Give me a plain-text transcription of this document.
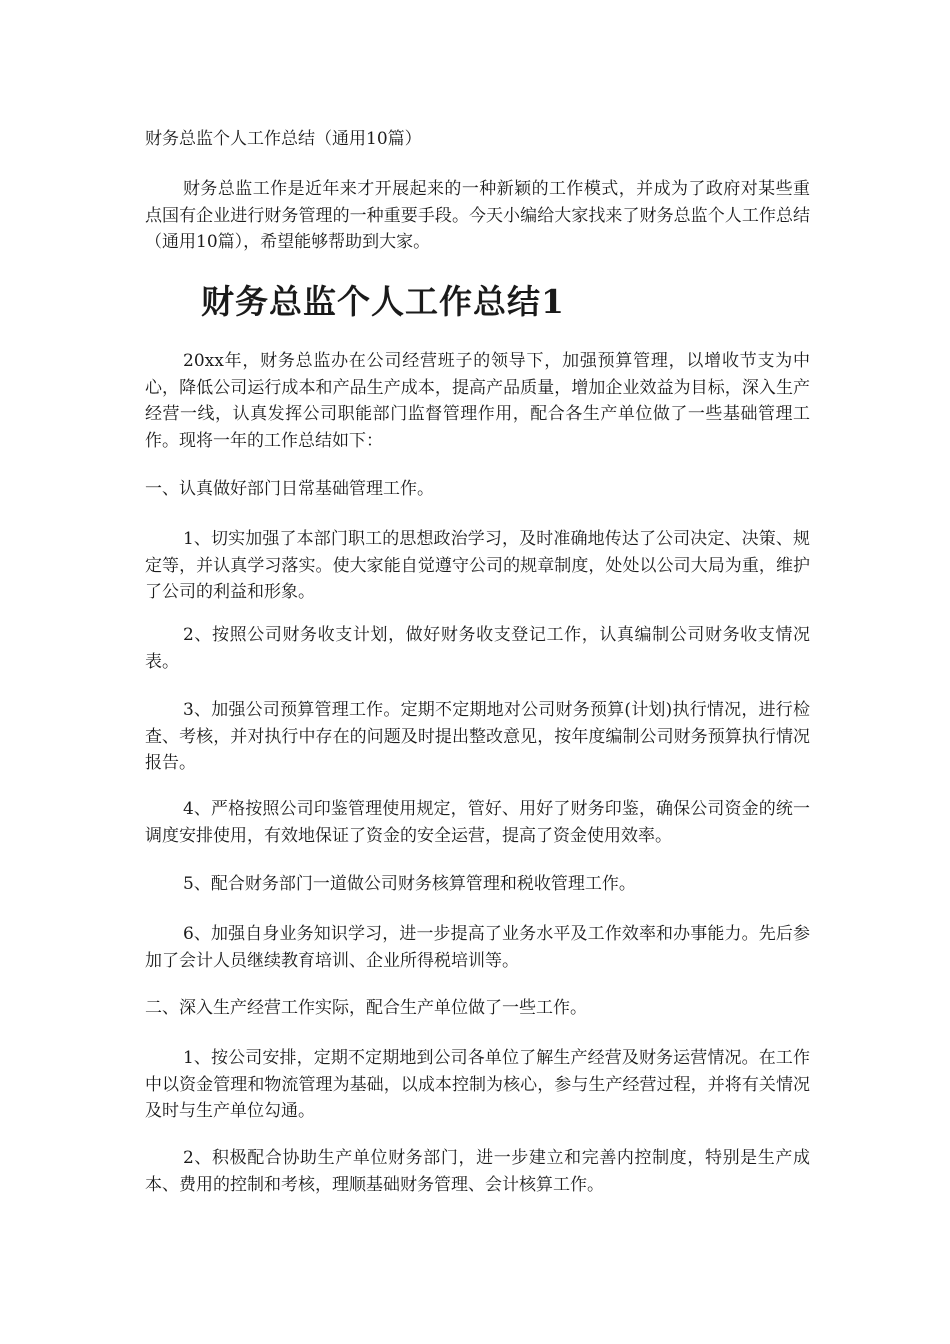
财务总监个人工作总结（通用10篇）

财务总监工作是近年来才开展起来的一种新颖的工作模式，并成为了政府对某些重点国有企业进行财务管理的一种重要手段。今天小编给大家找来了财务总监个人工作总结（通用10篇），希望能够帮助到大家。

财务总监个人工作总结1

20xx年，财务总监办在公司经营班子的领导下，加强预算管理，以增收节支为中心，降低公司运行成本和产品生产成本，提高产品质量，增加企业效益为目标，深入生产经营一线，认真发挥公司职能部门监督管理作用，配合各生产单位做了一些基础管理工作。现将一年的工作总结如下：

一、认真做好部门日常基础管理工作。

1、切实加强了本部门职工的思想政治学习，及时准确地传达了公司决定、决策、规定等，并认真学习落实。使大家能自觉遵守公司的规章制度，处处以公司大局为重，维护了公司的利益和形象。

2、按照公司财务收支计划，做好财务收支登记工作，认真编制公司财务收支情况表。

3、加强公司预算管理工作。定期不定期地对公司财务预算(计划)执行情况，进行检查、考核，并对执行中存在的问题及时提出整改意见，按年度编制公司财务预算执行情况报告。

4、严格按照公司印鉴管理使用规定，管好、用好了财务印鉴，确保公司资金的统一调度安排使用，有效地保证了资金的安全运营，提高了资金使用效率。

5、配合财务部门一道做公司财务核算管理和税收管理工作。

6、加强自身业务知识学习，进一步提高了业务水平及工作效率和办事能力。先后参加了会计人员继续教育培训、企业所得税培训等。

二、深入生产经营工作实际，配合生产单位做了一些工作。

1、按公司安排，定期不定期地到公司各单位了解生产经营及财务运营情况。在工作中以资金管理和物流管理为基础，以成本控制为核心，参与生产经营过程，并将有关情况及时与生产单位勾通。

2、积极配合协助生产单位财务部门，进一步建立和完善内控制度，特别是生产成本、费用的控制和考核，理顺基础财务管理、会计核算工作。
